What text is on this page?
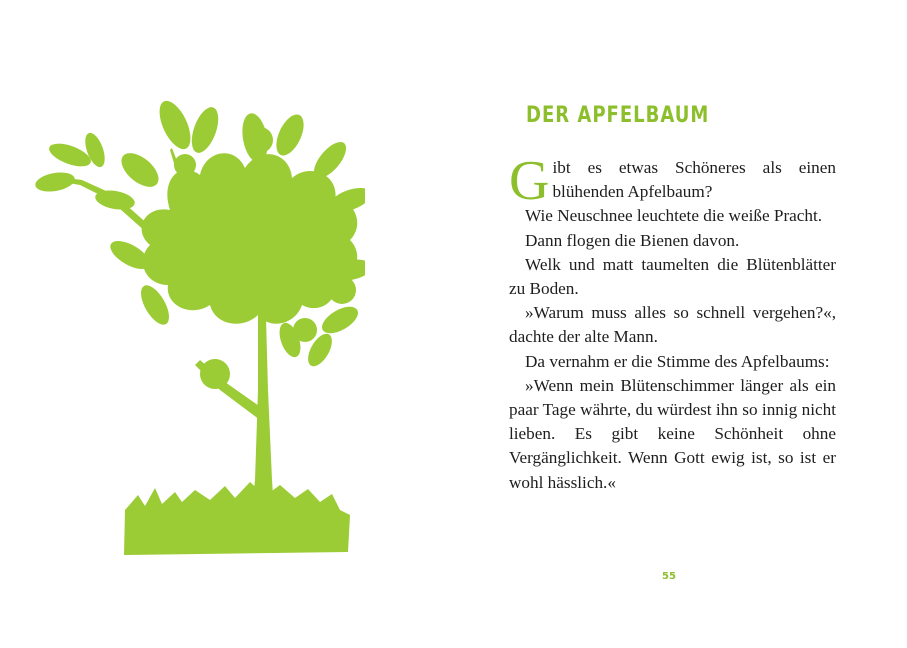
DER APFELBAUM

Gibt es etwas Schöneres als einen blühenden Apfelbaum?

Wie Neuschnee leuchtete die weiße Pracht.

Dann flogen die Bienen davon.

Welk und matt taumelten die Blütenblätter zu Boden.

»Warum muss alles so schnell vergehen?«, dachte der alte Mann.

Da vernahm er die Stimme des Apfelbaums:

»Wenn mein Blütenschimmer länger als ein paar Tage währte, du würdest ihn so innig nicht lieben. Es gibt keine Schönheit ohne Vergänglichkeit. Wenn Gott ewig ist, so ist er wohl hässlich.«

55
